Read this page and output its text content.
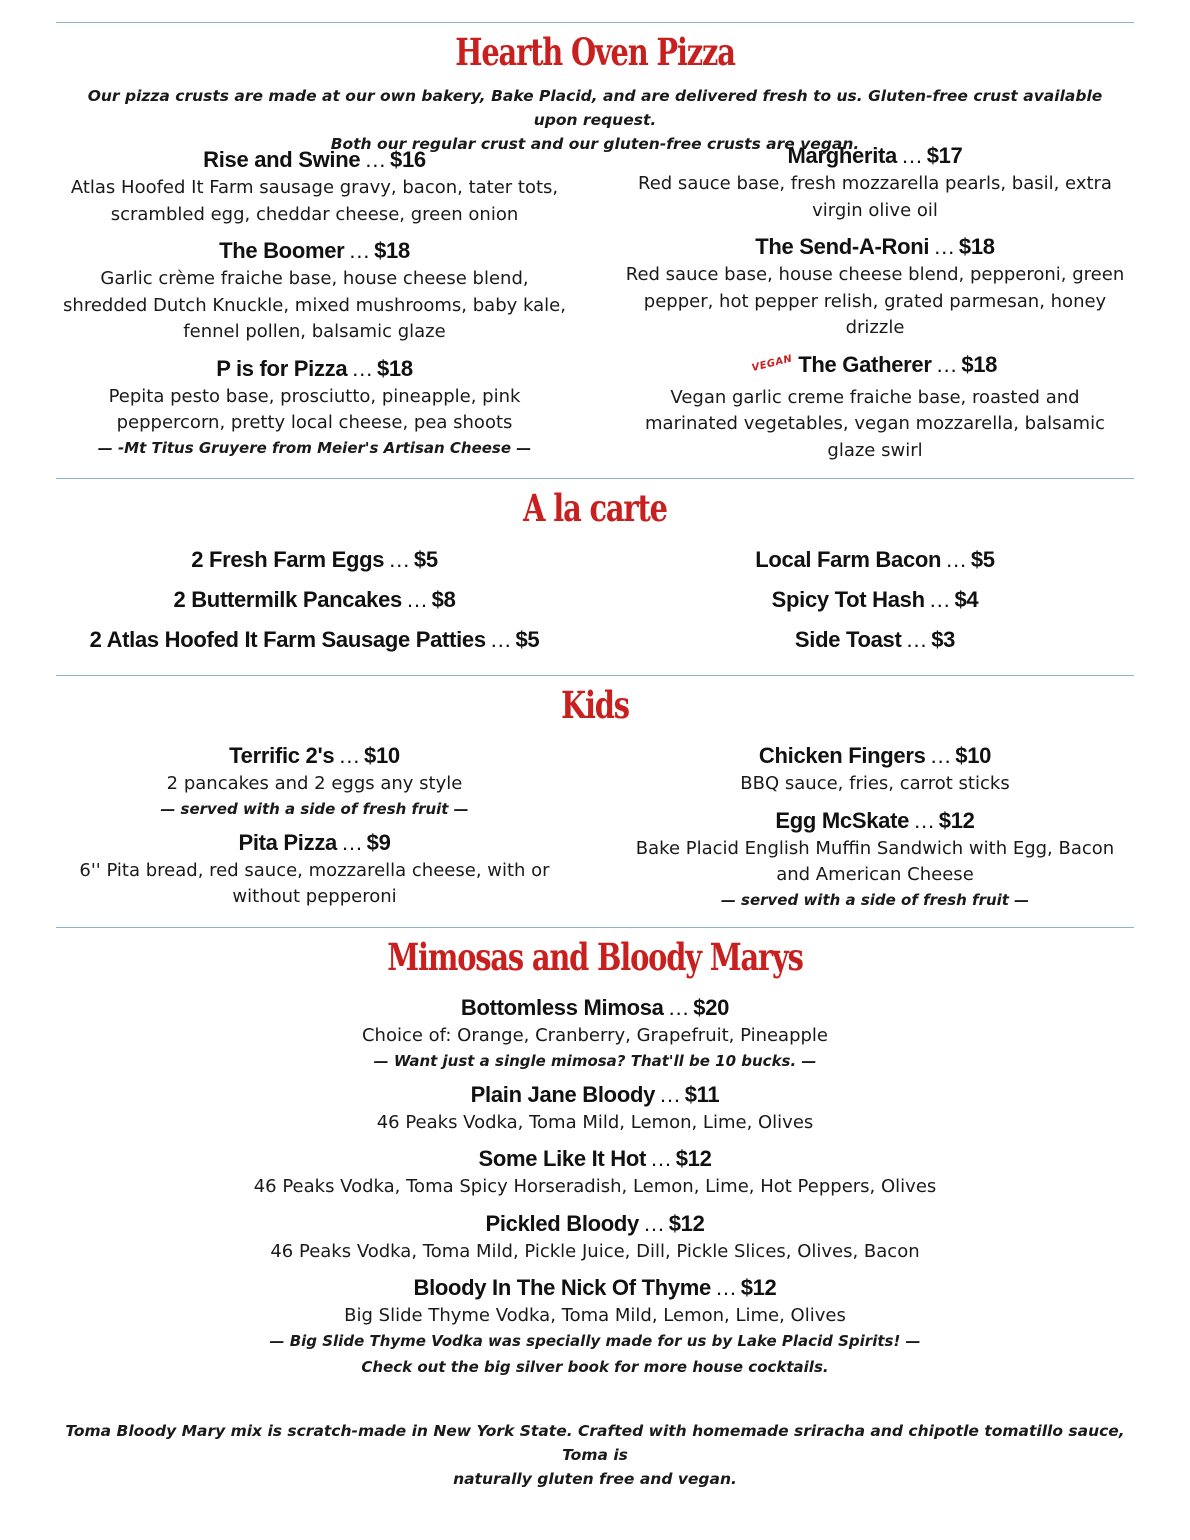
Hearth Oven Pizza
Our pizza crusts are made at our own bakery, Bake Placid, and are delivered fresh to us. Gluten-free crust available upon request.
Both our regular crust and our gluten-free crusts are vegan.
Rise and Swine … $16
Atlas Hoofed It Farm sausage gravy, bacon, tater tots, scrambled egg, cheddar cheese, green onion
The Boomer … $18
Garlic crème fraiche base, house cheese blend, shredded Dutch Knuckle, mixed mushrooms, baby kale, fennel pollen, balsamic glaze
P is for Pizza … $18
Pepita pesto base, prosciutto, pineapple, pink peppercorn, pretty local cheese, pea shoots
— -Mt Titus Gruyere from Meier's Artisan Cheese —
Margherita … $17
Red sauce base, fresh mozzarella pearls, basil, extra virgin olive oil
The Send-A-Roni … $18
Red sauce base, house cheese blend, pepperoni, green pepper, hot pepper relish, grated parmesan, honey drizzle
VEGAN The Gatherer … $18
Vegan garlic creme fraiche base, roasted and marinated vegetables, vegan mozzarella, balsamic glaze swirl
A la carte
2 Fresh Farm Eggs … $5
2 Buttermilk Pancakes … $8
2 Atlas Hoofed It Farm Sausage Patties … $5
Local Farm Bacon … $5
Spicy Tot Hash … $4
Side Toast … $3
Kids
Terrific 2's … $10
2 pancakes and 2 eggs any style
— served with a side of fresh fruit —
Pita Pizza … $9
6'' Pita bread, red sauce, mozzarella cheese, with or without pepperoni
Chicken Fingers … $10
BBQ sauce, fries, carrot sticks
Egg McSkate … $12
Bake Placid English Muffin Sandwich with Egg, Bacon and American Cheese
— served with a side of fresh fruit —
Mimosas and Bloody Marys
Bottomless Mimosa … $20
Choice of: Orange, Cranberry, Grapefruit, Pineapple
— Want just a single mimosa? That'll be 10 bucks. —
Plain Jane Bloody … $11
46 Peaks Vodka, Toma Mild, Lemon, Lime, Olives
Some Like It Hot … $12
46 Peaks Vodka, Toma Spicy Horseradish, Lemon, Lime, Hot Peppers, Olives
Pickled Bloody … $12
46 Peaks Vodka, Toma Mild, Pickle Juice, Dill, Pickle Slices, Olives, Bacon
Bloody In The Nick Of Thyme … $12
Big Slide Thyme Vodka, Toma Mild, Lemon, Lime, Olives
— Big Slide Thyme Vodka was specially made for us by Lake Placid Spirits! —
Check out the big silver book for more house cocktails.
Toma Bloody Mary mix is scratch-made in New York State. Crafted with homemade sriracha and chipotle tomatillo sauce, Toma is
naturally gluten free and vegan.
